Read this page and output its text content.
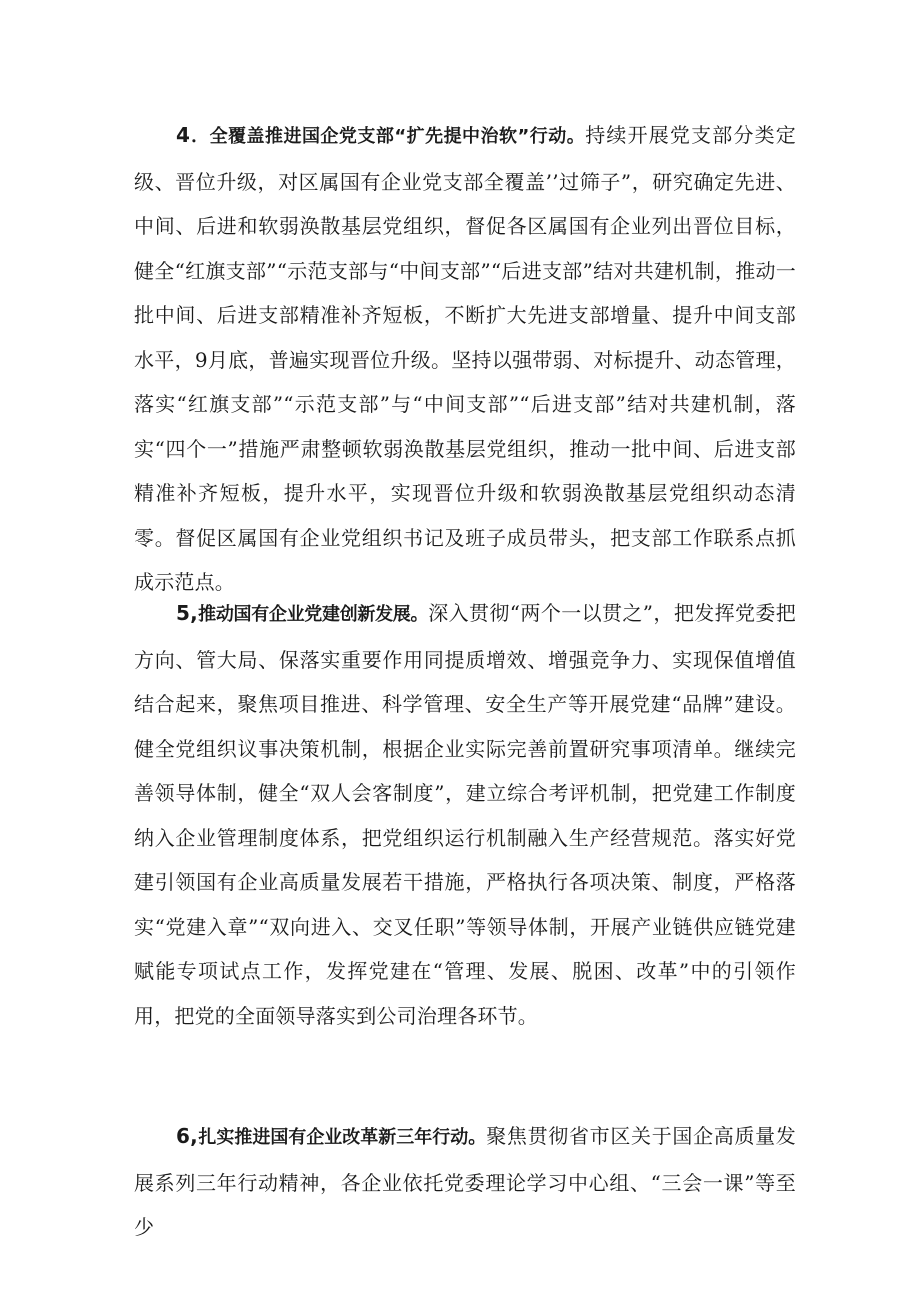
4．全覆盖推进国企党支部“扩先提中治软”行动。持续开展党支部分类定级、晋位升级，对区属国有企业党支部全覆盖’’过筛子”，研究确定先进、中间、后进和软弱涣散基层党组织，督促各区属国有企业列出晋位目标，健全“红旗支部”“示范支部与“中间支部”“后进支部”结对共建机制，推动一批中间、后进支部精准补齐短板，不断扩大先进支部增量、提升中间支部水平，9月底，普遍实现晋位升级。坚持以强带弱、对标提升、动态管理，落实“红旗支部”“示范支部”与“中间支部”“后进支部”结对共建机制，落实“四个一”措施严肃整顿软弱涣散基层党组织，推动一批中间、后进支部精准补齐短板，提升水平，实现晋位升级和软弱涣散基层党组织动态清零。督促区属国有企业党组织书记及班子成员带头，把支部工作联系点抓成示范点。

5,推动国有企业党建创新发展。深入贯彻“两个一以贯之”，把发挥党委把方向、管大局、保落实重要作用同提质增效、增强竞争力、实现保值增值结合起来，聚焦项目推进、科学管理、安全生产等开展党建“品牌”建设。健全党组织议事决策机制，根据企业实际完善前置研究事项清单。继续完善领导体制，健全“双人会客制度”，建立综合考评机制，把党建工作制度纳入企业管理制度体系，把党组织运行机制融入生产经营规范。落实好党建引领国有企业高质量发展若干措施，严格执行各项决策、制度，严格落实“党建入章”“双向进入、交叉任职”等领导体制，开展产业链供应链党建赋能专项试点工作，发挥党建在“管理、发展、脱困、改革”中的引领作用，把党的全面领导落实到公司治理各环节。

6,扎实推进国有企业改革新三年行动。聚焦贯彻省市区关于国企高质量发展系列三年行动精神，各企业依托党委理论学习中心组、“三会一课”等至少
